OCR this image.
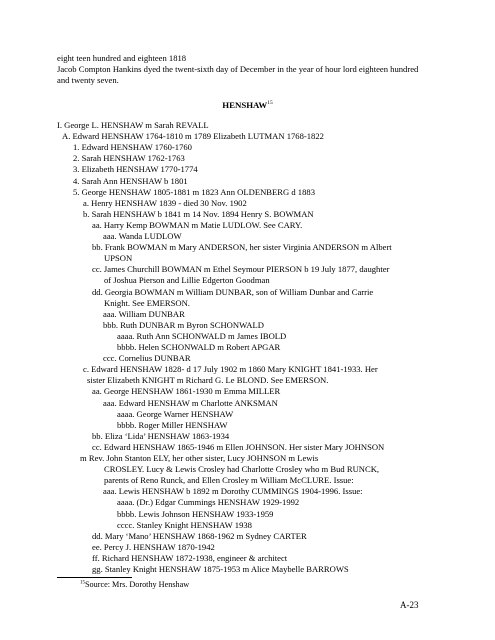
eight teen hundred and eighteen 1818
Jacob Compton Hankins dyed the twent-sixth day of December in the year of hour lord eighteen hundred
and twenty seven.
HENSHAW$^{15}$
I. George L. HENSHAW m Sarah REVALL
A. Edward HENSHAW 1764-1810 m 1789 Elizabeth LUTMAN 1768-1822
1. Edward HENSHAW 1760-1760
2. Sarah HENSHAW 1762-1763
3. Elizabeth HENSHAW 1770-1774
4. Sarah Ann HENSHAW b 1801
5. George HENSHAW 1805-1881 m 1823 Ann OLDENBERG d 1883
a. Henry HENSHAW 1839 - died 30 Nov. 1902
b. Sarah HENSHAW b 1841 m 14 Nov. 1894 Henry S. BOWMAN
aa. Harry Kemp BOWMAN m Matie LUDLOW. See CARY.
aaa. Wanda LUDLOW
bb. Frank BOWMAN m Mary ANDERSON, her sister Virginia ANDERSON m Albert
UPSON
cc. James Churchill BOWMAN m Ethel Seymour PIERSON b 19 July 1877, daughter
of Joshua Pierson and Lillie Edgerton Goodman
dd. Georgia BOWMAN m William DUNBAR, son of William Dunbar and Carrie
Knight. See EMERSON.
aaa. William DUNBAR
bbb. Ruth DUNBAR m Byron SCHONWALD
aaaa. Ruth Ann SCHONWALD m James IBOLD
bbbb. Helen SCHONWALD m Robert APGAR
ccc. Cornelius DUNBAR
c. Edward HENSHAW 1828- d 17 July 1902 m 1860 Mary KNIGHT 1841-1933. Her
sister Elizabeth KNIGHT m Richard G. Le BLOND. See EMERSON.
aa. George HENSHAW 1861-1930 m Emma MILLER
aaa. Edward HENSHAW m Charlotte ANKSMAN
aaaa. George Warner HENSHAW
bbbb. Roger Miller HENSHAW
bb. Eliza ‘Lida’ HENSHAW 1863-1934
cc. Edward HENSHAW 1865-1946 m Ellen JOHNSON. Her sister Mary JOHNSON
m Rev. John Stanton ELY, her other sister, Lucy JOHNSON m Lewis
CROSLEY. Lucy & Lewis Crosley had Charlotte Crosley who m Bud RUNCK,
parents of Reno Runck, and Ellen Crosley m William McCLURE. Issue:
aaa. Lewis HENSHAW b 1892 m Dorothy CUMMINGS 1904-1996. Issue:
aaaa. (Dr.) Edgar Cummings HENSHAW 1929-1992
bbbb. Lewis Johnson HENSHAW 1933-1959
cccc. Stanley Knight HENSHAW 1938
dd. Mary ‘Mano’ HENSHAW 1868-1962 m Sydney CARTER
ee. Percy J. HENSHAW 1870-1942
ff. Richard HENSHAW 1872-1938, engineer & architect
gg. Stanley Knight HENSHAW 1875-1953 m Alice Maybelle BARROWS
$^{15}$Source: Mrs. Dorothy Henshaw
A-23
